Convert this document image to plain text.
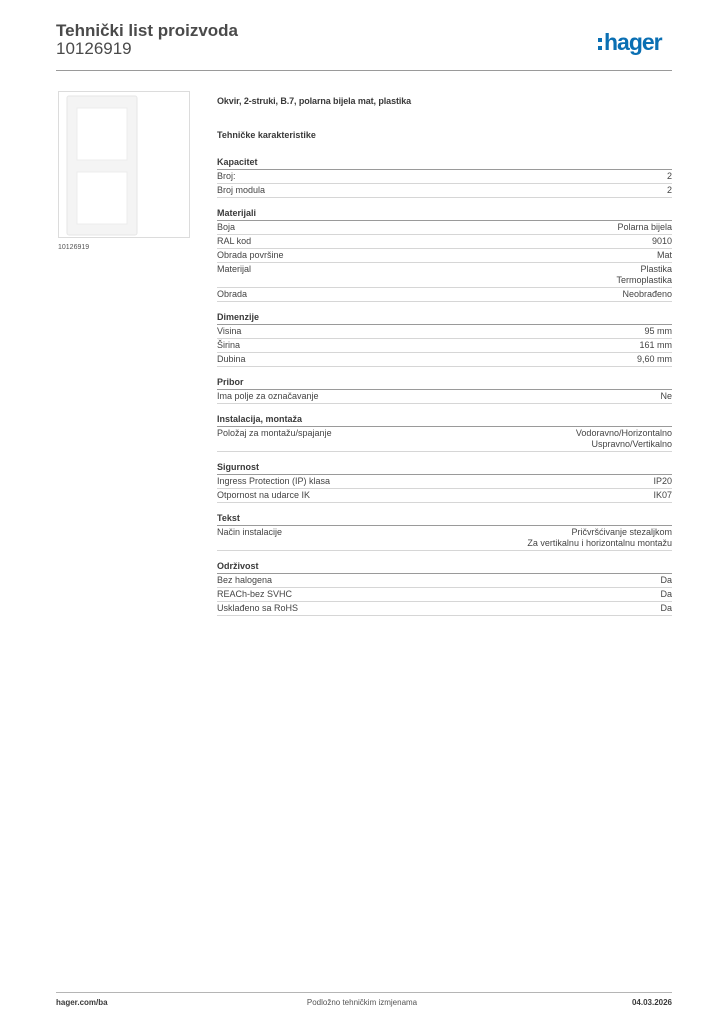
Tehnički list proizvoda
10126919	hager
10126919
Okvir, 2-struki, B.7, polarna bijela mat, plastika
Tehničke karakteristike
Kapacitet
Broj:	2
Broj modula	2
Materijali
Boja	Polarna bijela
RAL kod	9010
Obrada površine	Mat
Materijal	Plastika
Termoplastika
Obrada	Neobrađeno
Dimenzije
Visina	95 mm
Širina	161 mm
Dubina	9,60 mm
Pribor
Ima polje za označavanje	Ne
Instalacija, montaža
Položaj za montažu/spajanje	Vodoravno/Horizontalno
Uspravno/Vertikalno
Sigurnost
Ingress Protection (IP) klasa	IP20
Otpornost na udarce IK	IK07
Tekst
Način instalacije	Pričvršćivanje stezaljkom
Za vertikalnu i horizontalnu montažu
Održivost
Bez halogena	Da
REACh-bez SVHC	Da
Usklađeno sa RoHS	Da
hager.com/ba	Podložno tehničkim izmjenama	04.03.2026
